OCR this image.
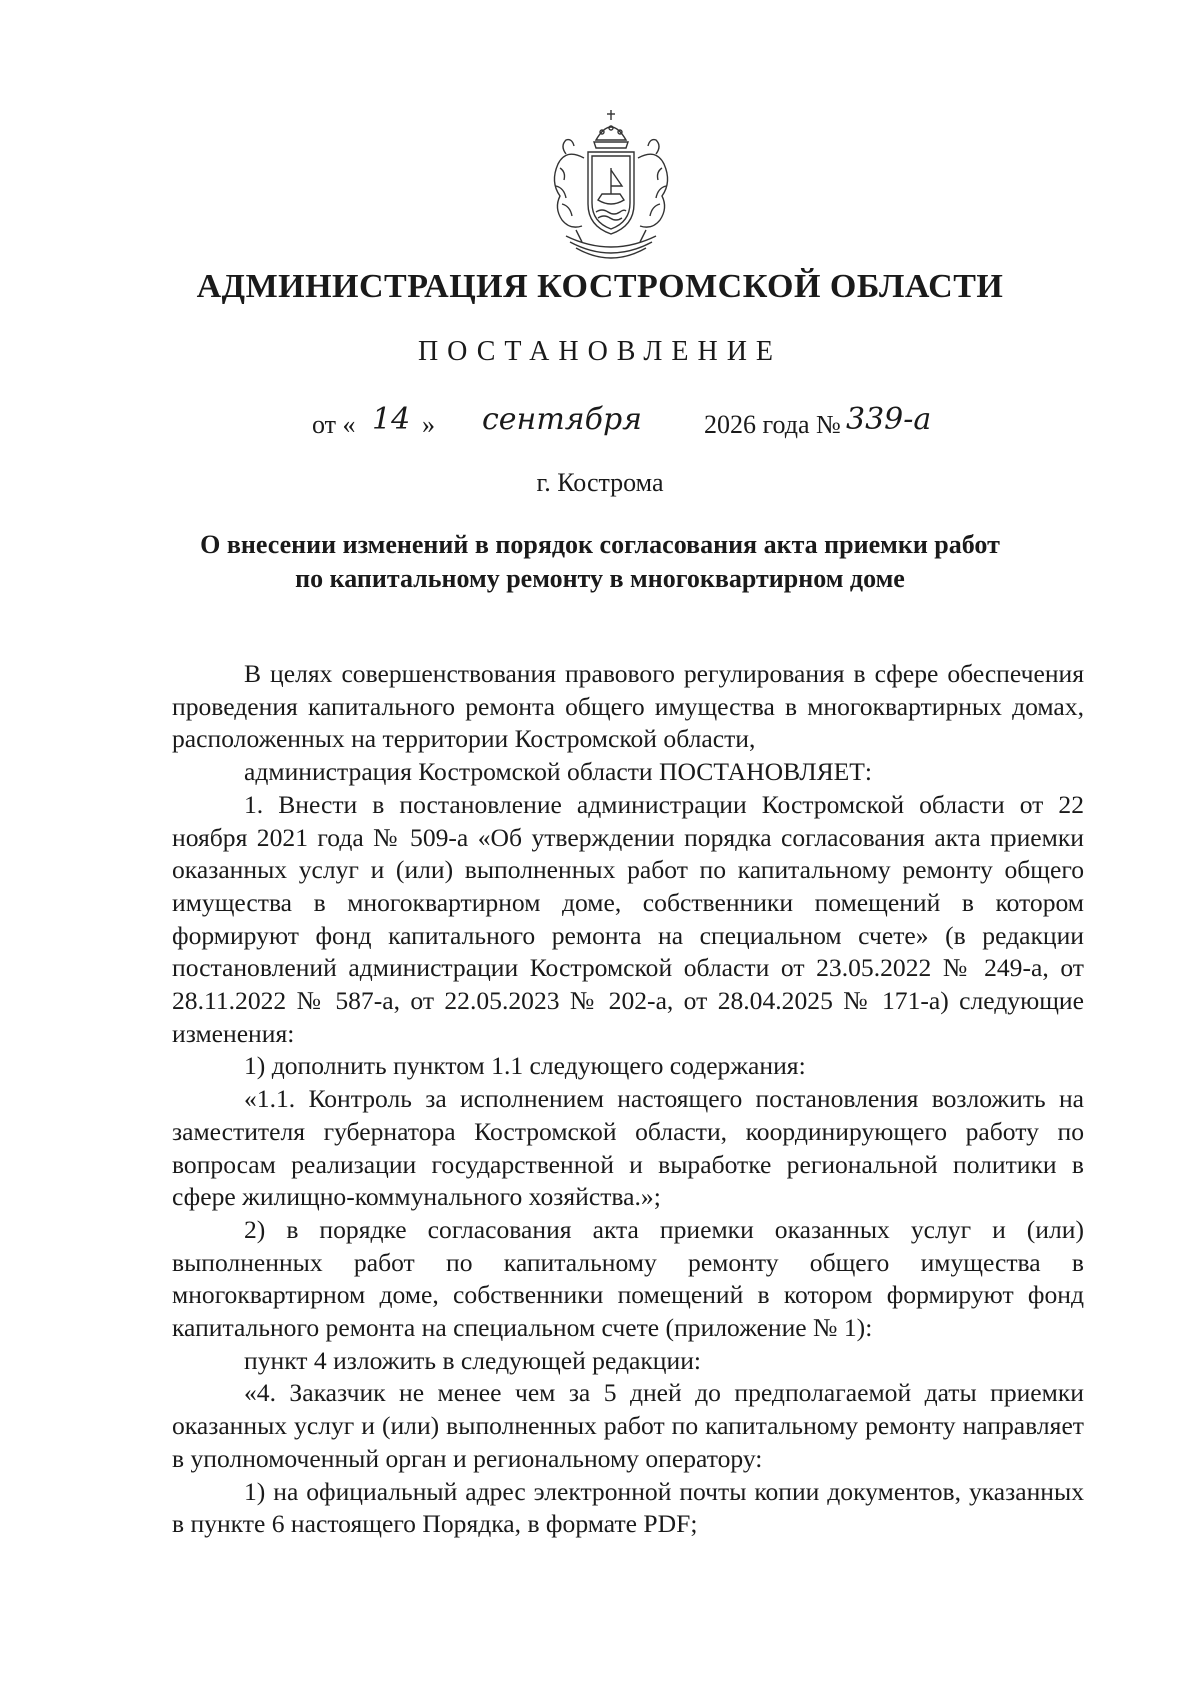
АДМИНИСТРАЦИЯ КОСТРОМСКОЙ ОБЛАСТИ
ПОСТАНОВЛЕНИЕ
от « 14 » сентября 2026 года № 339-а
г. Кострома
О внесении изменений в порядок согласования акта приемки работ
по капитальному ремонту в многоквартирном доме

В целях совершенствования правового регулирования в сфере обеспечения проведения капитального ремонта общего имущества в многоквартирных домах, расположенных на территории Костромской области,

администрация Костромской области ПОСТАНОВЛЯЕТ:

1. Внести в постановление администрации Костромской области от 22 ноября 2021 года № 509-а «Об утверждении порядка согласования акта приемки оказанных услуг и (или) выполненных работ по капитальному ремонту общего имущества в многоквартирном доме, собственники помещений в котором формируют фонд капитального ремонта на специальном счете» (в редакции постановлений администрации Костромской области от 23.05.2022 № 249-а, от 28.11.2022 № 587-а, от 22.05.2023 № 202-а, от 28.04.2025 № 171-а) следующие изменения:

1) дополнить пунктом 1.1 следующего содержания:

«1.1. Контроль за исполнением настоящего постановления возложить на заместителя губернатора Костромской области, координирующего работу по вопросам реализации государственной и выработке региональной политики в сфере жилищно-коммунального хозяйства.»;

2) в порядке согласования акта приемки оказанных услуг и (или) выполненных работ по капитальному ремонту общего имущества в многоквартирном доме, собственники помещений в котором формируют фонд капитального ремонта на специальном счете (приложение № 1):

пункт 4 изложить в следующей редакции:

«4. Заказчик не менее чем за 5 дней до предполагаемой даты приемки оказанных услуг и (или) выполненных работ по капитальному ремонту направляет в уполномоченный орган и региональному оператору:

1) на официальный адрес электронной почты копии документов, указанных в пункте 6 настоящего Порядка, в формате PDF;
